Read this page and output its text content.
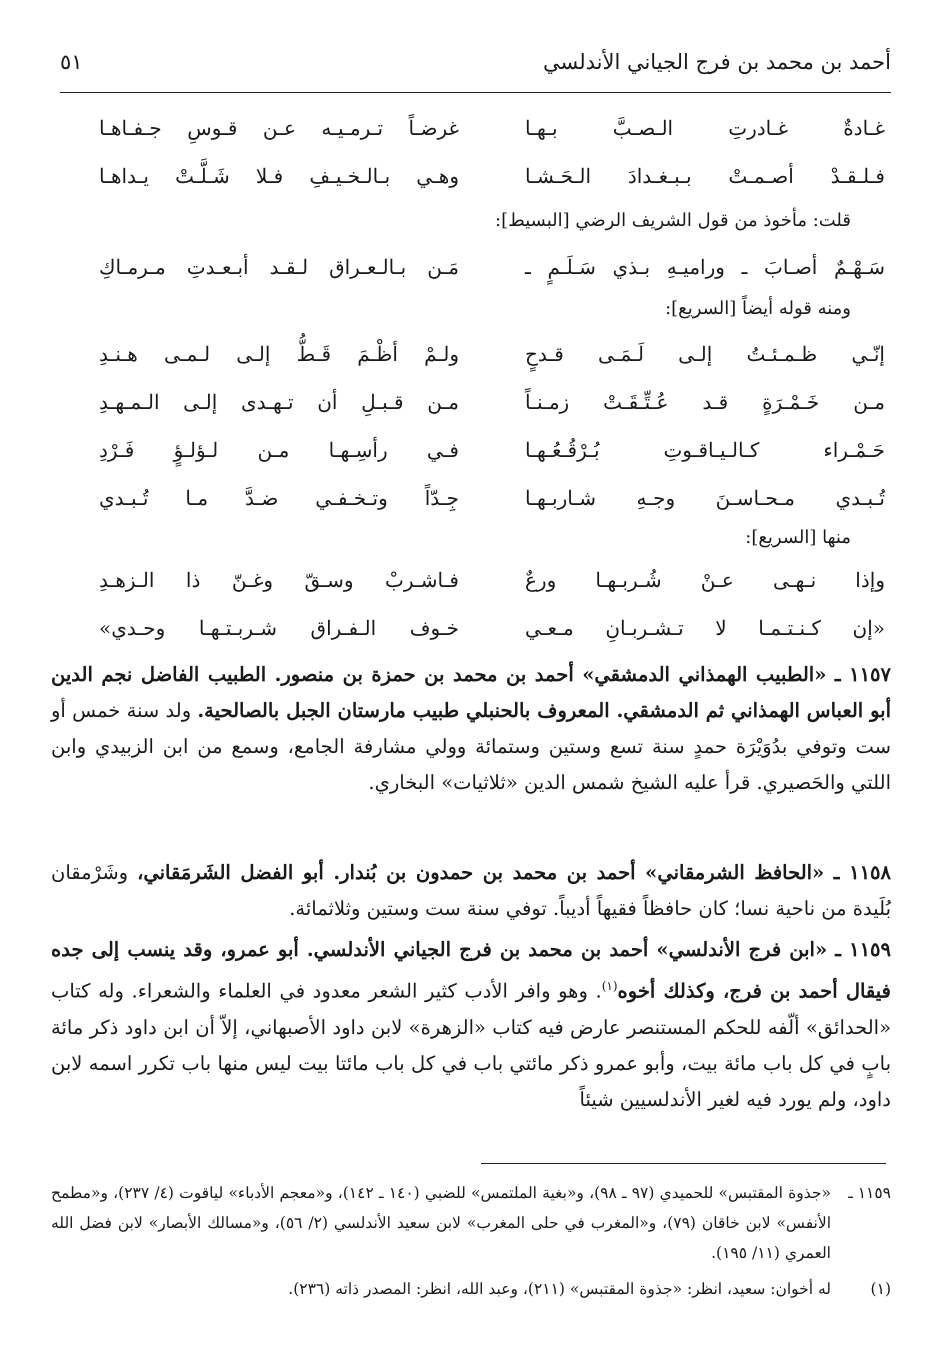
أحمد بن محمد بن فرج الجياني الأندلسي
٥١
غـادةٌ غـادرتِ الـصـبَّ بـهـا
غرضـاً تـرمـيـه عـن قـوسِ جـفـاهـا
فـلـقـدْ أصـمـتْ بـبـغـدادَ الـحَـشـا
وهـي بـالـخـيـفِ فـلا شَـلَّـتْ يـداهـا
قلت: مأخوذ من قول الشريف الرضي [البسيط]:
سَـهْـمٌ أصـابَ ـ وراميـهِ بـذي سَـلَـمٍ ـ
مَـن بـالـعـراق لـقـد أبـعـدتِ مـرمـاكِ
ومنه قوله أيضاً [السريع]:
إنّـي ظـمـئـتُ إلـى لَـمَـى قـدحٍ
ولـمْ أظْـمَ قَـطُّ إلـى لـمـى هـنـدِ
مـن خَـمْـرَةٍ قـد عُـتِّـقَـتْ زمـنـاً
مـن قـبـلِ أن تـهـدى إلـى الـمـهـدِ
حَـمْـراء كـالـيـاقـوتِ بُـرْقُـعُـهـا
فـي رأسِـهـا مـن لـؤلـؤٍ فَـرْدِ
تُـبـدي مـحـاسـنَ وجـهِ شـاربـهـا
جِـدّاً وتـخـفـي ضـدَّ مـا تُـبـدي
منها [السريع]:
وإذا نـهـى عـنْ شُـربـهـا ورعٌ
فـاشـربْ وسـقّ وغـنّ ذا الـزهـدِ
«إن كـنـتـمـا لا تـشـربـانِ مـعـي
خـوف الـفـراق شـربـتـهـا وحـدي»
١١٥٧ ـ «الطبيب الهمذاني الدمشقي» أحمد بن محمد بن حمزة بن منصور. الطبيب الفاضل نجم الدين أبو العباس الهمذاني ثم الدمشقي. المعروف بالحنبلي طبيب مارستان الجبل بالصالحية. ولد سنة خمس أو ست وتوفي بدُوَيْرَة حمدٍ سنة تسع وستين وستمائة وولي مشارفة الجامع، وسمع من ابن الزبيدي وابن اللتي والحَصيري. قرأ عليه الشيخ شمس الدين «ثلاثيات» البخاري.
١١٥٨ ـ «الحافظ الشرمقاني» أحمد بن محمد بن حمدون بن بُندار. أبو الفضل الشَرمَقاني، وشَرْمقان بُلَيدة من ناحية نسا؛ كان حافظاً فقيهاً أديباً. توفي سنة ست وستين وثلاثمائة.
١١٥٩ ـ «ابن فرج الأندلسي» أحمد بن محمد بن فرج الجياني الأندلسي. أبو عمرو، وقد ينسب إلى جده فيقال أحمد بن فرج، وكذلك أخوه$^{(١)}$. وهو وافر الأدب كثير الشعر معدود في العلماء والشعراء. وله كتاب «الحدائق» ألّفه للحكم المستنصر عارض فيه كتاب «الزهرة» لابن داود الأصبهاني، إلاّ أن ابن داود ذكر مائة بابٍ في كل باب مائة بيت، وأبو عمرو ذكر مائتي باب في كل باب مائتا بيت ليس منها باب تكرر اسمه لابن داود، ولم يورد فيه لغير الأندلسيين شيئاً
١١٥٩ ـ
«جذوة المقتبس» للحميدي (٩٧ ـ ٩٨)، و«بغية الملتمس» للضبي (١٤٠ ـ ١٤٢)، و«معجم الأدباء» لياقوت (٤/ ٢٣٧)، و«مطمح الأنفس» لابن خاقان (٧٩)، و«المغرب في حلى المغرب» لابن سعيد الأندلسي (٢/ ٥٦)، و«مسالك الأبصار» لابن فضل الله العمري (١١/ ١٩٥).
(١)
له أخوان: سعيد، انظر: «جذوة المقتبس» (٢١١)، وعبد الله، انظر: المصدر ذاته (٢٣٦).
